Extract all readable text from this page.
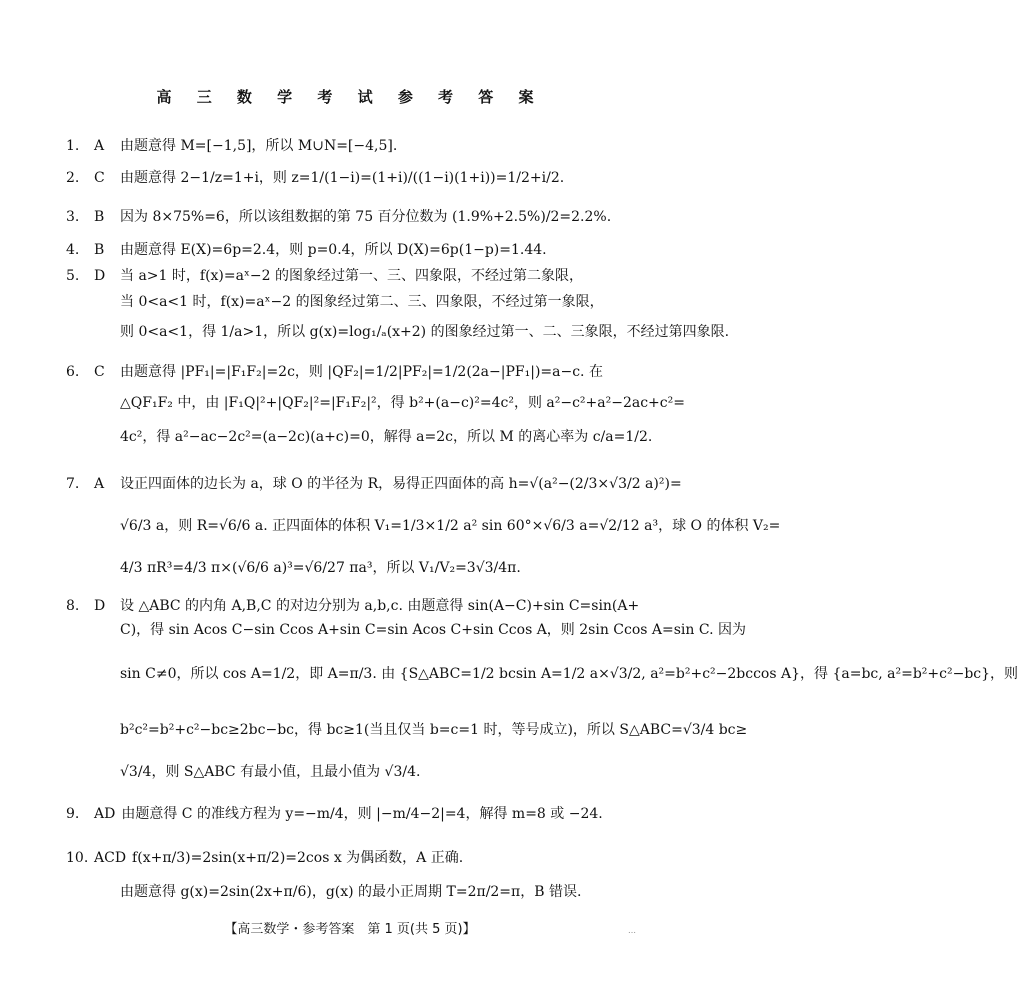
高 三 数 学 考 试 参 考 答 案
1. A 由题意得 M=[−1,5]，所以 M∪N=[−4,5].
2. C 由题意得 2−1/z=1+i，则 z=1/(1−i)=(1+i)/((1−i)(1+i))=1/2+i/2.
3. B 因为 8×75%=6，所以该组数据的第 75 百分位数为 (1.9%+2.5%)/2=2.2%.
4. B 由题意得 E(X)=6p=2.4，则 p=0.4，所以 D(X)=6p(1−p)=1.44.
5. D 当 a>1 时，f(x)=aˣ−2 的图象经过第一、三、四象限，不经过第二象限，
当 0<a<1 时，f(x)=aˣ−2 的图象经过第二、三、四象限，不经过第一象限，
则 0<a<1，得 1/a>1，所以 g(x)=log₁/ₐ(x+2) 的图象经过第一、二、三象限，不经过第四象限.
6. C 由题意得 |PF₁|=|F₁F₂|=2c，则 |QF₂|=1/2|PF₂|=1/2(2a−|PF₁|)=a−c. 在
△QF₁F₂ 中，由 |F₁Q|²+|QF₂|²=|F₁F₂|²，得 b²+(a−c)²=4c²，则 a²−c²+a²−2ac+c²=
4c²，得 a²−ac−2c²=(a−2c)(a+c)=0，解得 a=2c，所以 M 的离心率为 c/a=1/2.
7. A 设正四面体的边长为 a，球 O 的半径为 R，易得正四面体的高 h=√(a²−(2/3×√3/2 a)²)=
√6/3 a，则 R=√6/6 a. 正四面体的体积 V₁=1/3×1/2 a² sin 60°×√6/3 a=√2/12 a³，球 O 的体积 V₂=
4/3 πR³=4/3 π×(√6/6 a)³=√6/27 πa³，所以 V₁/V₂=3√3/4π.
8. D 设 △ABC 的内角 A,B,C 的对边分别为 a,b,c. 由题意得 sin(A−C)+sin C=sin(A+
C)，得 sin Acos C−sin Ccos A+sin C=sin Acos C+sin Ccos A，则 2sin Ccos A=sin C. 因为
sin C≠0，所以 cos A=1/2，即 A=π/3. 由 {S△ABC=1/2 bcsin A=1/2 a×√3/2, a²=b²+c²−2bccos A}，得 {a=bc, a²=b²+c²−bc}，则
b²c²=b²+c²−bc≥2bc−bc，得 bc≥1(当且仅当 b=c=1 时，等号成立)，所以 S△ABC=√3/4 bc≥
√3/4，则 S△ABC 有最小值，且最小值为 √3/4.
9. AD 由题意得 C 的准线方程为 y=−m/4，则 |−m/4−2|=4，解得 m=8 或 −24.
10. ACD f(x+π/3)=2sin(x+π/2)=2cos x 为偶函数，A 正确.
由题意得 g(x)=2sin(2x+π/6)，g(x) 的最小正周期 T=2π/2=π，B 错误.
【高三数学・参考答案　第 1 页(共 5 页)】	…
